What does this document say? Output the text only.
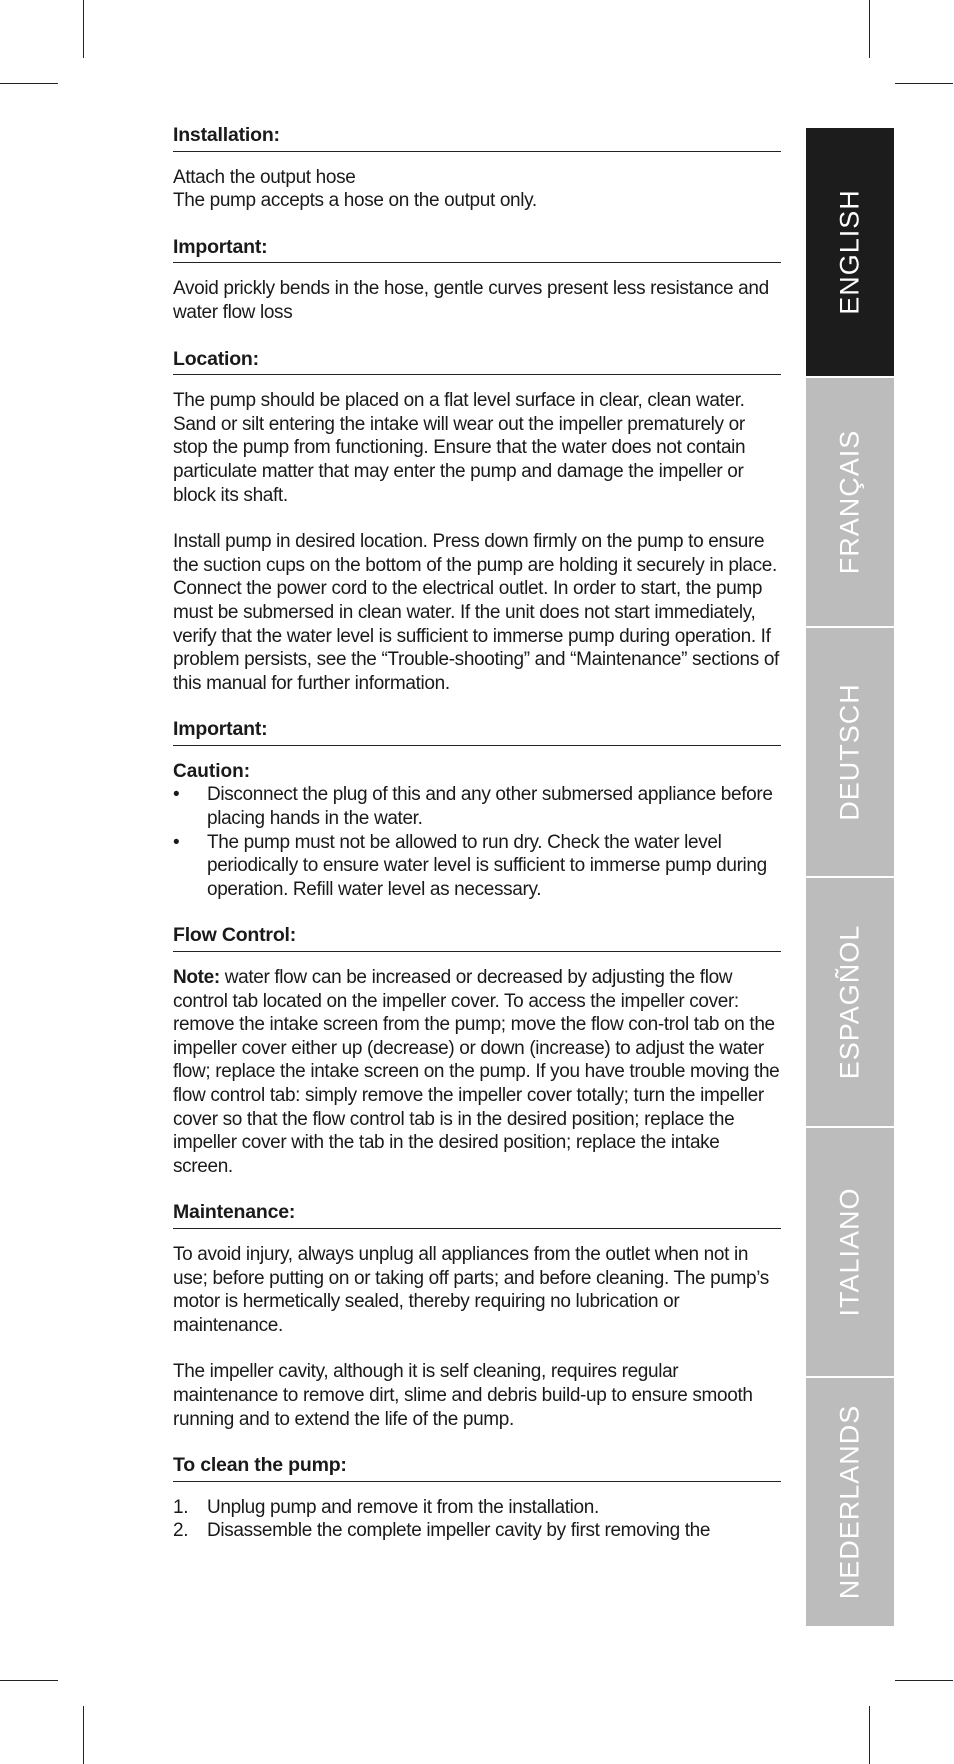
Installation:

Attach the output hose
The pump accepts a hose on the output only.

Important:

Avoid prickly bends in the hose, gentle curves present less resistance and water flow loss

Location:

The pump should be placed on a flat level surface in clear, clean water. Sand or silt entering the intake will wear out the impeller prematurely or stop the pump from functioning. Ensure that the water does not contain particulate matter that may enter the pump and damage the impeller or block its shaft.

Install pump in desired location. Press down firmly on the pump to ensure the suction cups on the bottom of the pump are holding it securely in place. Connect the power cord to the electrical outlet. In order to start, the pump must be submersed in clean water. If the unit does not start immediately, verify that the water level is sufficient to immerse pump during operation. If problem persists, see the “Trouble-shooting” and “Maintenance” sections of this manual for further information.

Important:
Caution:
• Disconnect the plug of this and any other submersed appliance before placing hands in the water.
• The pump must not be allowed to run dry. Check the water level periodically to ensure water level is sufficient to immerse pump during operation. Refill water level as necessary.
Flow Control:

Note: water flow can be increased or decreased by adjusting the flow control tab located on the impeller cover. To access the impeller cover: remove the intake screen from the pump; move the flow con-trol tab on the impeller cover either up (decrease) or down (increase) to adjust the water flow; replace the intake screen on the pump. If you have trouble moving the flow control tab: simply remove the impeller cover totally; turn the impeller cover so that the flow control tab is in the desired position; replace the impeller cover with the tab in the desired position; replace the intake screen.

Maintenance:

To avoid injury, always unplug all appliances from the outlet when not in use; before putting on or taking off parts; and before cleaning. The pump’s motor is hermetically sealed, thereby requiring no lubrication or maintenance.

The impeller cavity, although it is self cleaning, requires regular maintenance to remove dirt, slime and debris build-up to ensure smooth running and to extend the life of the pump.

To clean the pump:
1. Unplug pump and remove it from the installation.
2. Disassemble the complete impeller cavity by first removing the
ENGLISH
FRANÇAIS
DEUTSCH
ESPAGÑOL
ITALIANO
NEDERLANDS
